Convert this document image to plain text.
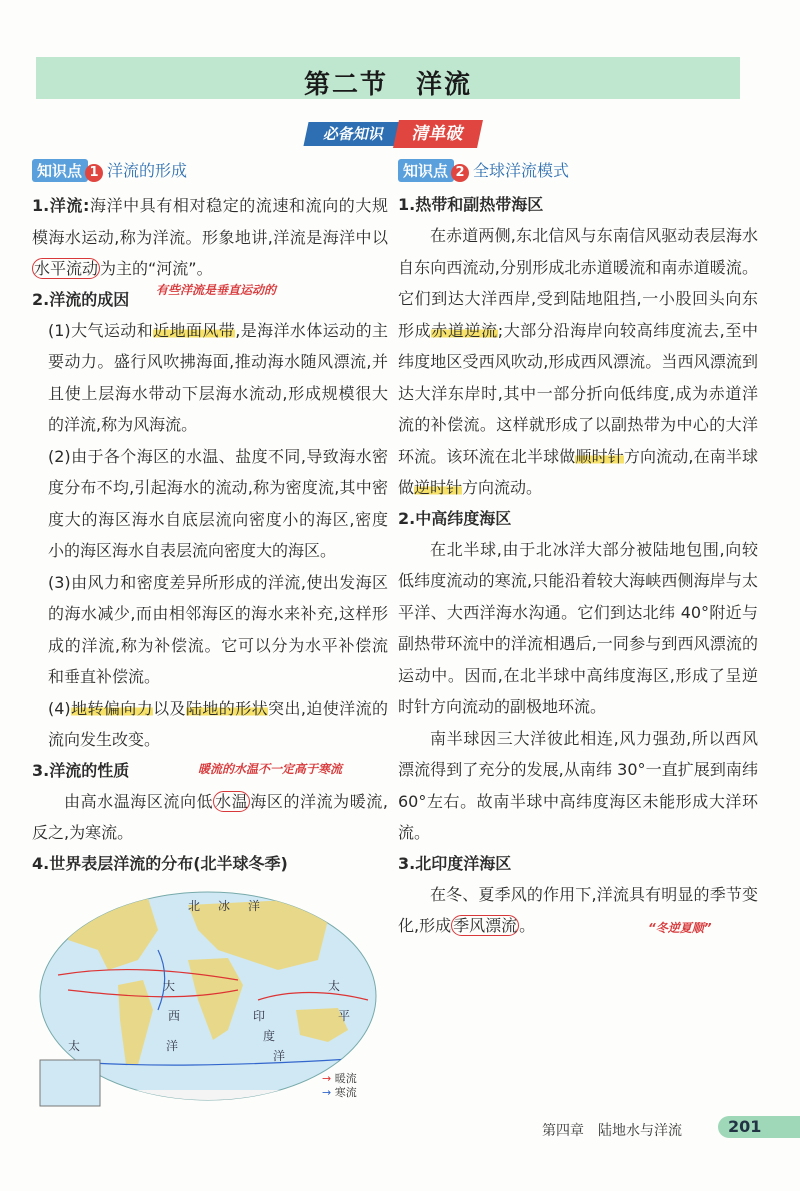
第二节　洋流
必备知识	清单破
知识点 1 洋流的形成

1.洋流:海洋中具有相对稳定的流速和流向的大规模海水运动,称为洋流。形象地讲,洋流是海洋中以水平流动 为主的“河流”。

2.洋流的成因	有些洋流是垂直运动的

(1)大气运动和近地面风带,是海洋水体运动的主要动力。盛行风吹拂海面,推动海水随风漂流,并且使上层海水带动下层海水流动,形成规模很大的洋流,称为风海流。

(2)由于各个海区的水温、盐度不同,导致海水密度分布不均,引起海水的流动,称为密度流,其中密度大的海区海水自底层流向密度小的海区,密度小的海区海水自表层流向密度大的海区。

(3)由风力和密度差异所形成的洋流,使出发海区的海水减少,而由相邻海区的海水来补充,这样形成的洋流,称为补偿流。它可以分为水平补偿流和垂直补偿流。

(4)地转偏向力以及陆地的形状突出,迫使洋流的流向发生改变。

3.洋流的性质	暖流的水温不一定高于寒流

由高水温海区流向低 水温 海区的洋流为暖流,反之,为寒流。

4.世界表层洋流的分布(北半球冬季)

北 冰 洋
太
平
大
西
洋
太
印
度
洋
→ 暖流
→ 寒流
知识点 2 全球洋流模式

1.热带和副热带海区

在赤道两侧,东北信风与东南信风驱动表层海水自东向西流动,分别形成北赤道暖流和南赤道暖流。它们到达大洋西岸,受到陆地阻挡,一小股回头向东形成赤道逆流;大部分沿海岸向较高纬度流去,至中纬度地区受西风吹动,形成西风漂流。当西风漂流到达大洋东岸时,其中一部分折向低纬度,成为赤道洋流的补偿流。这样就形成了以副热带为中心的大洋环流。该环流在北半球做顺时针方向流动,在南半球做逆时针方向流动。

2.中高纬度海区

在北半球,由于北冰洋大部分被陆地包围,向较低纬度流动的寒流,只能沿着较大海峡西侧海岸与太平洋、大西洋海水沟通。它们到达北纬 40°附近与副热带环流中的洋流相遇后,一同参与到西风漂流的运动中。因而,在北半球中高纬度海区,形成了呈逆时针方向流动的副极地环流。

南半球因三大洋彼此相连,风力强劲,所以西风漂流得到了充分的发展,从南纬 30°一直扩展到南纬 60°左右。故南半球中高纬度海区未能形成大洋环流。

3.北印度洋海区

在冬、夏季风的作用下,洋流具有明显的季节变化,形成 季风漂流 。	“冬逆夏顺”
第四章　陆地水与洋流	201
